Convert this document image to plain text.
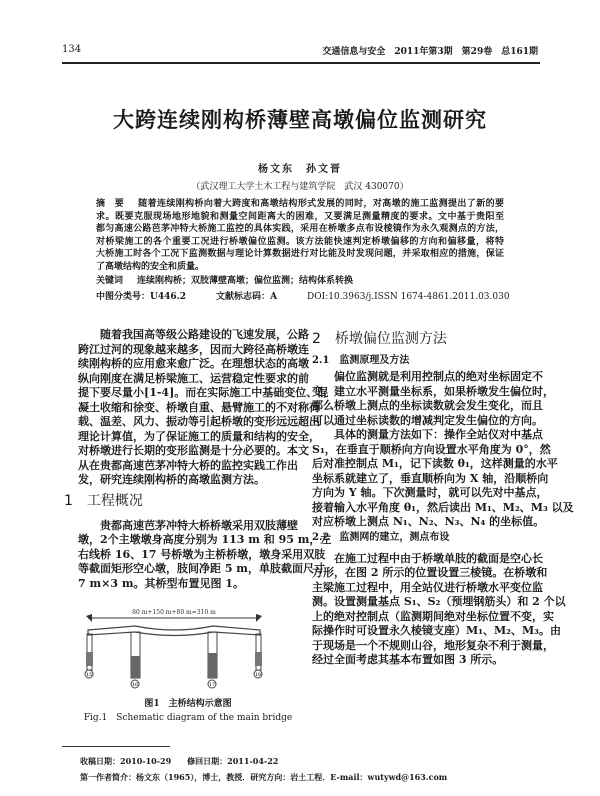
134	交通信息与安全　2011年第3期　第29卷　总161期
大跨连续刚构桥薄壁高墩偏位监测研究
杨文东　孙文晋
（武汉理工大学土木工程与建筑学院　武汉 430070）
摘　要 随着连续刚构桥向着大跨度和高墩结构形式发展的同时，对高墩的施工监测提出了新的要
求。既要克服现场地形地貌和测量空间距离大的困难，又要满足测量精度的要求。文中基于贵阳至
都匀高速公路芭茅冲特大桥施工监控的具体实践，采用在桥墩多点布设棱镜作为永久观测点的方法，
对桥梁施工的各个重要工况进行桥墩偏位监测。该方法能快速判定桥墩偏移的方向和偏移量，将特
大桥施工时各个工况下监测数据与理论计算数据进行对比能及时发现问题，并采取相应的措施，保证
了高墩结构的安全和质量。
关键词 连续刚构桥；双肢薄壁高墩；偏位监测；结构体系转换
中图分类号：U446.2	文献标志码：A	DOI:10.3963/j.ISSN 1674-4861.2011.03.030
随着我国高等级公路建设的飞速发展，公路
跨江过河的现象越来越多，因而大跨径高桥墩连
续刚构桥的应用愈来愈广泛。在理想状态的高墩
纵向刚度在满足桥梁施工、运营稳定性要求的前
提下要尽量小[1-4]。而在实际施工中基础变位、混
凝土收缩和徐变、桥墩自重、悬臂施工的不对称荷
载、温差、风力、振动等引起桥墩的变形远远超出
理论计算值，为了保证施工的质量和结构的安全，
对桥墩进行长期的变形监测是十分必要的。本文
从在贵都高速芭茅冲特大桥的监控实践工作出
发，研究连续刚构桥的高墩监测方法。
1　工程概况
贵都高速芭茅冲特大桥桥墩采用双肢薄壁
墩，2个主墩墩身高度分别为 113 m 和 95 m，左
右线桥 16、17 号桥墩为主桥桥墩，墩身采用双肢
等截面矩形空心墩，肢间净距 5 m，单肢截面尺寸
7 m×3 m。其桥型布置见图 1。
80 m+150 m+80 m=310 m
15
16	17
18
图1　主桥结构示意图
Fig.1　Schematic diagram of the main bridge
2　桥墩偏位监测方法
2.1　监测原理及方法
偏位监测就是利用控制点的绝对坐标固定不
变，建立水平测量坐标系，如果桥墩发生偏位时，
那么桥墩上测点的坐标读数就会发生变化，而且
可以通过坐标读数的增减判定发生偏位的方向。
具体的测量方法如下：操作全站仪对中基点
S₁，在垂直于顺桥向方向设置水平角度为 0°，然
后对准控制点 M₁，记下读数 θ₁，这样测量的水平
坐标系就建立了，垂直顺桥向为 X 轴，沿顺桥向
方向为 Y 轴。下次测量时，就可以先对中基点，
接着输入水平角度 θ₁，然后读出 M₁、M₂、M₃ 以及
对应桥墩上测点 N₁、N₂、N₃、N₄ 的坐标值。
2.2　监测网的建立，测点布设
在施工过程中由于桥墩单肢的截面是空心长
方形，在图 2 所示的位置设置三棱镜。在桥墩和
主梁施工过程中，用全站仪进行桥墩水平变位监
测。设置测量基点 S₁、S₂（预埋钢筋头）和 2 个以
上的绝对控制点（监测期间绝对坐标位置不变，实
际操作时可设置永久棱镜支座）M₁、M₂、M₃。由
于现场是一个不规则山谷，地形复杂不利于测量，
经过全面考虑其基本布置如图 3 所示。
收稿日期：2010-10-29　　修回日期：2011-04-22
第一作者简介：杨文东（1965），博士，教授．研究方向：岩土工程．E-mail：wutywd@163.com
